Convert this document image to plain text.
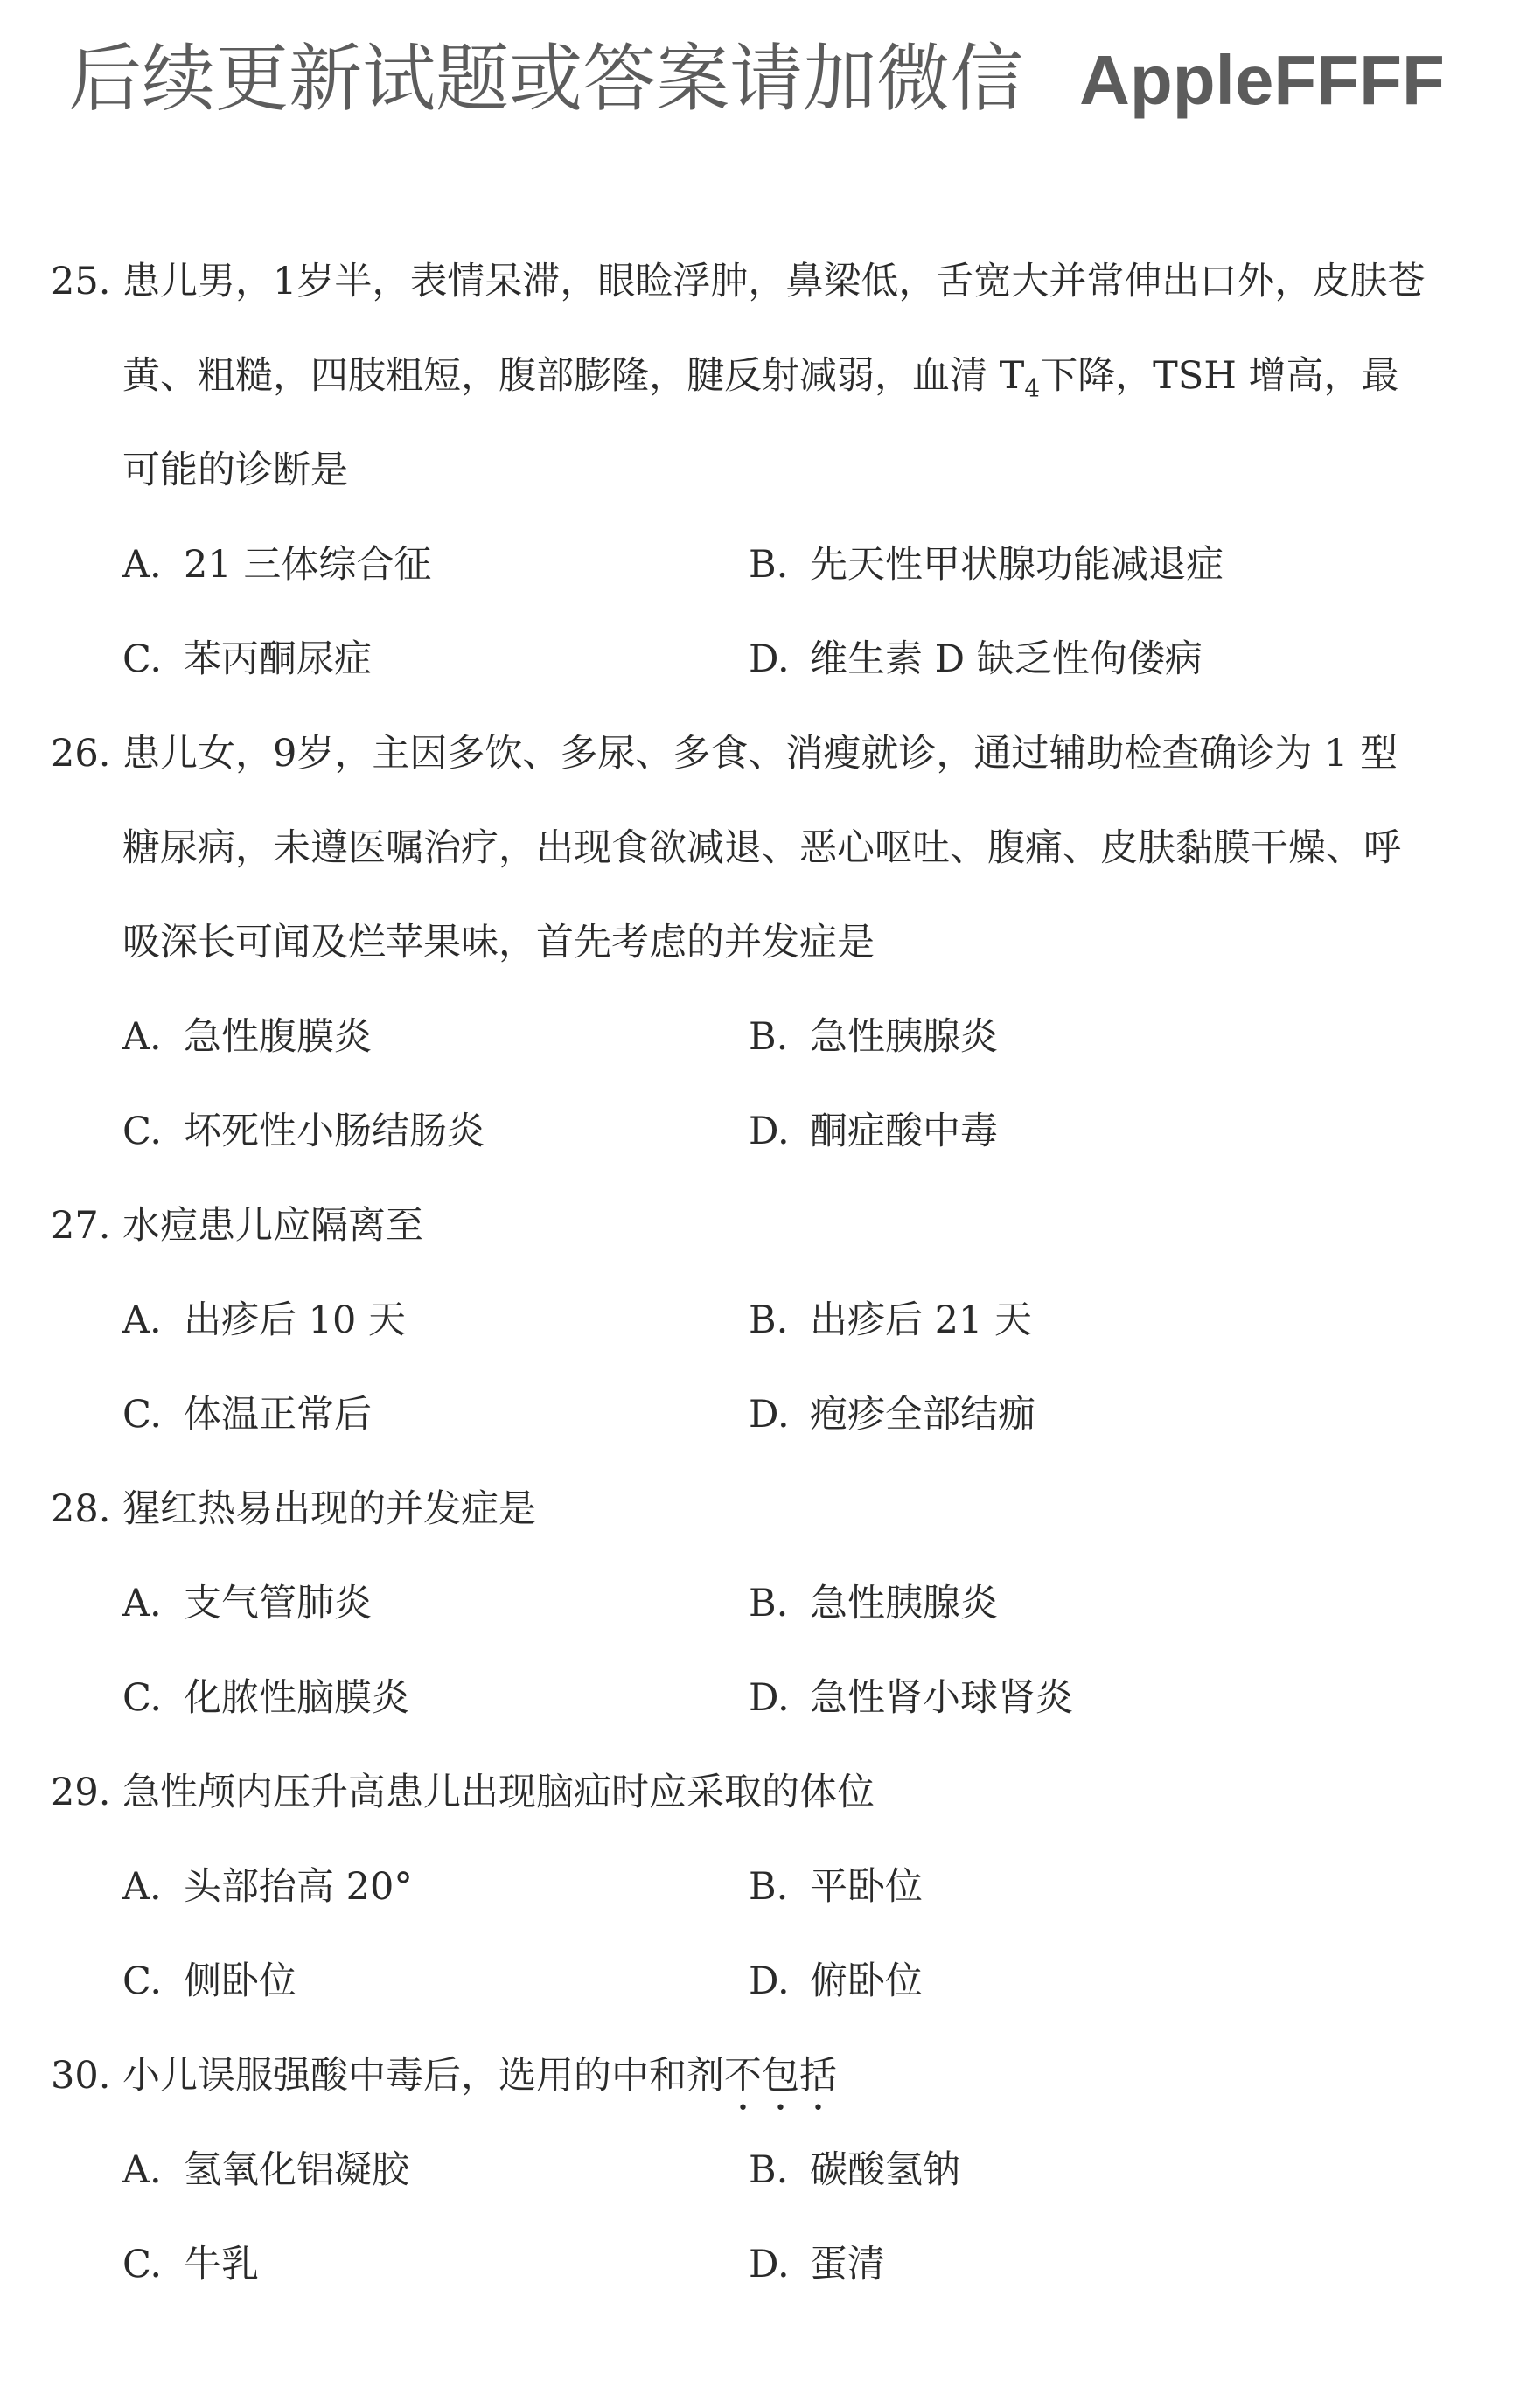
后续更新试题或答案请加微信 AppleFFFF
25. 患儿男，1岁半，表情呆滞，眼睑浮肿，鼻梁低，舌宽大并常伸出口外，皮肤苍黄、粗糙，四肢粗短，腹部膨隆，腱反射减弱，血清 $T_4$下降，TSH 增高，最可能的诊断是
A. 21 三体综合征	B. 先天性甲状腺功能减退症
C. 苯丙酮尿症	D. 维生素 D 缺乏性佝偻病
26. 患儿女，9岁，主因多饮、多尿、多食、消瘦就诊，通过辅助检查确诊为 1 型糖尿病，未遵医嘱治疗，出现食欲减退、恶心呕吐、腹痛、皮肤黏膜干燥、呼吸深长可闻及烂苹果味，首先考虑的并发症是
A. 急性腹膜炎	B. 急性胰腺炎
C. 坏死性小肠结肠炎	D. 酮症酸中毒
27. 水痘患儿应隔离至
A. 出疹后 10 天	B. 出疹后 21 天
C. 体温正常后	D. 疱疹全部结痂
28. 猩红热易出现的并发症是
A. 支气管肺炎	B. 急性胰腺炎
C. 化脓性脑膜炎	D. 急性肾小球肾炎
29. 急性颅内压升高患儿出现脑疝时应采取的体位
A. 头部抬高 20°	B. 平卧位
C. 侧卧位	D. 俯卧位
30. 小儿误服强酸中毒后，选用的中和剂不包括
A. 氢氧化铝凝胶	B. 碳酸氢钠
C. 牛乳	D. 蛋清
